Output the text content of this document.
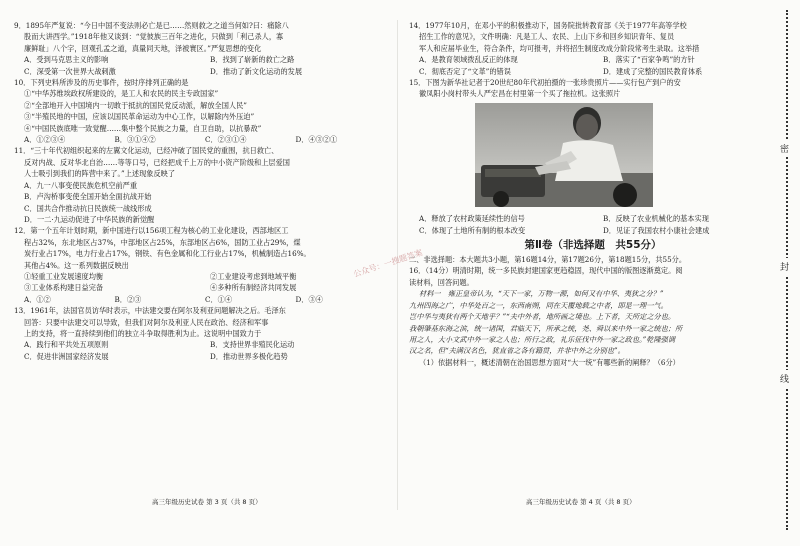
9．1895年严复说：“今日中国不变法则必亡是已……然则救之之道当何如?曰：痛除八
股而大讲西学。”1918年他又谈到：“觉彼族三百年之进化，只做到「利己杀人，寡
廉鲜耻」八个字，回观孔孟之道，真量同天地，泽被寰区。”严复思想的变化
A．受到马克思主义的影响	B．找到了崭新的救亡之路
C．深受第一次世界大战刺激	D．推动了新文化运动的发展
10．下列史料所涉及的历史事件，按时序排列正确的是
①“中华苏维埃政权所建设的，是工人和农民的民主专政国家”
②“全部地开入中国境内一切敢于抵抗的国民党反动派，解放全国人民”
③“半殖民地的中国，应该以国民革命运动为中心工作，以解除内外压迫”
④“中国民族底唯一致觉醒……集中整个民族之力量，自卫自助，以抗暴敌”
A．①②③④	B．③①④②	C．②③①④	D．④③②①
11．“三十年代初组织起来的左翼文化运动，已经冲破了国民党的重围，抗日救亡、
反对内战、反对华北自治……等等口号，已经把成千上万的中小资产阶级和上层爱国
人士吸引到我们的阵营中来了。”上述现象反映了
A．九一八事变使民族危机空前严重
B．卢沟桥事变使全国开始全面抗战开始
C．国共合作推动抗日民族统一战线形成
D．一二·九运动促进了中华民族的新觉醒
12．第一个五年计划时期，新中国进行以156项工程为核心的工业化建设，西部地区工
程占32%，东北地区占37%，中部地区占25%，东部地区占6%，国防工业占29%，煤
炭行业占17%，电力行业占17%，钢铁、有色金属和化工行业占17%，机械制造占16%。
其他占4%。这一系列数据反映出
①轻重工业发展速度均衡	②工业建设考虑到地域平衡
③工业体系构建日益完备	④多种所有制经济共同发展
A．①②	B．②③	C．①④	D．③④
13．1961年，法国官员访华时表示，中法建交要在阿尔及利亚问题解决之后。毛泽东
回答：只要中法建交可以导致，但我们对阿尔及利亚人民在政治、经济和军事
上的支持，将一直持续到他们的独立斗争取得胜利为止。这说明中国致力于
A．践行和平共处五项原则	B．支持世界非殖民化运动
C．促进非洲国家经济发展	D．推动世界多极化趋势
14．1977年10月，在邓小平的积极推动下，国务院批转教育部《关于1977年高等学校
招生工作的意见》，文件明确：凡是工人、农民、上山下乡和回乡知识青年、复员
军人和应届毕业生，符合条件，均可报考，并将招生制度改成分阶段常考生录取。这举措
A．是教育领域拨乱反正的体现	B．落实了“百家争鸣”的方针
C．彻底否定了“文革”的错误	D．建成了完整的国民教育体系
15．下图为新华社记者于20世纪80年代初拍摄的一张珍贵照片——实行包产到户的安
徽凤阳小岗村带头人严宏昌在村里第一个买了拖拉机。这张照片
A．释放了农村政策延续性的信号	B．反映了农业机械化的基本实现
C．体现了土地所有制的根本改变	D．见证了我国农村小康社会建成
第Ⅱ卷（非选择题　共55分）
二、非选择题：本大题共3小题，第16题14分，第17题26分，第18题15分，共55分。
16．（14分）明清时期，统一多民族封建国家更趋稳固，现代中国的版图逐渐奠定。阅
读材料，回答问题。
材料一　雍正皇帝认为，“天下一家，万物一源，如何又有中华、夷狄之分？”
九州四海之广，中华处百之一，东西南朔，同在天覆地载之中者，即是一理一气。
岂中华与夷狄有两个天地乎？”“夫中外者，地所画之境也。上下者，天所定之分也。
我朝肇基东海之滨，统一诸国，君临天下，所承之统，尧、舜以来中外一家之统也；所
用之人，大小文武中外一家之人也；所行之政，礼乐征伐中外一家之政也。”乾隆强调
汉之名，但“夫满汉名色，犹直省之各有籍贯，并非中外之分别也”。
（1）依据材料一，概述清朝在治国思想方面对“大一统”有哪些新的阐释？（6分）
高三年级历史试卷 第 3 页（共 8 页）	高三年级历史试卷 第 4 页（共 8 页）
公众号：一搜题答案
密
封
线
